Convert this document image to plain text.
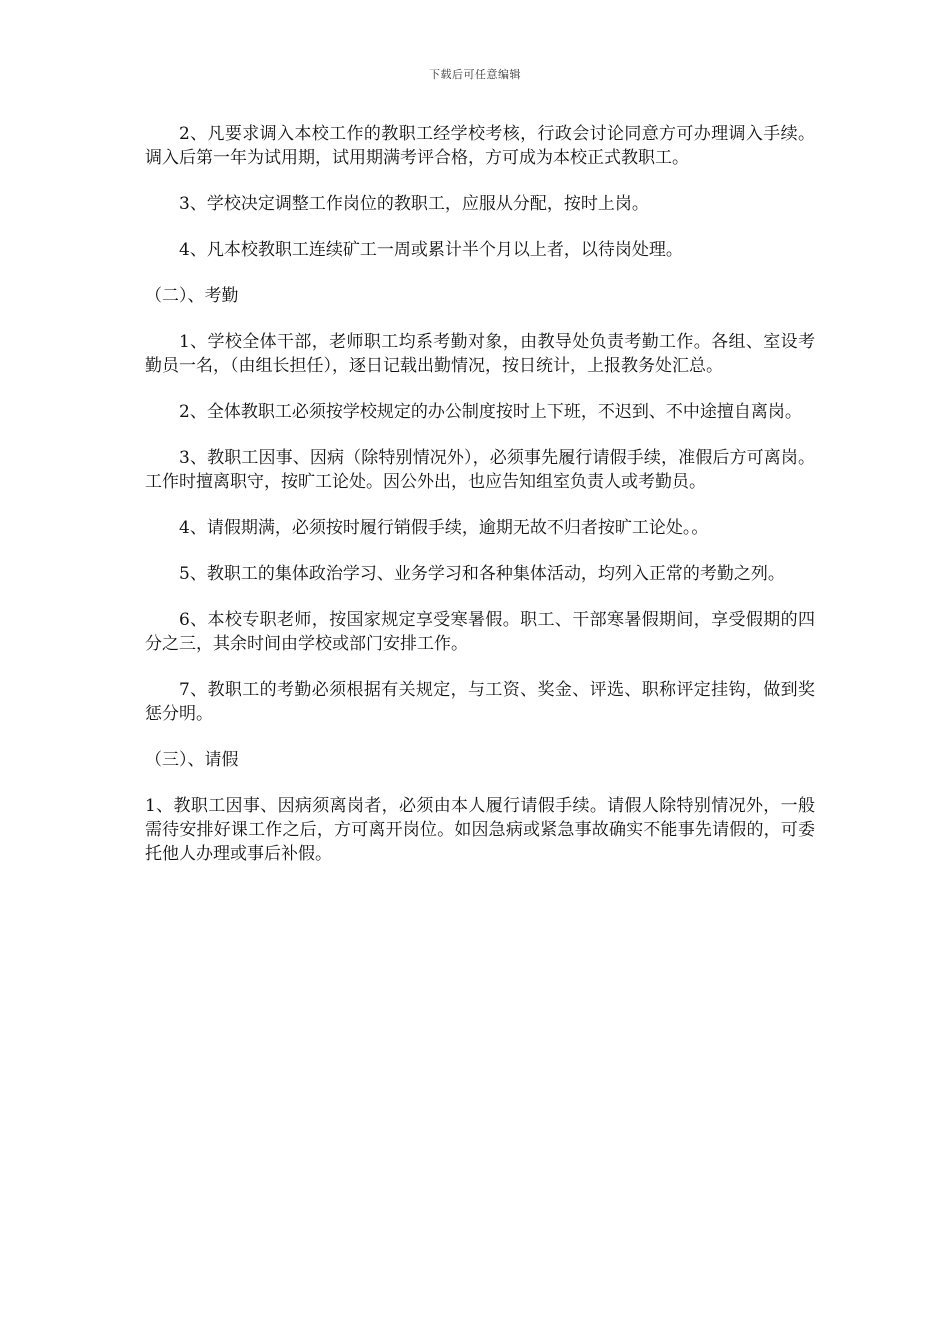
下载后可任意编辑

2、凡要求调入本校工作的教职工经学校考核，行政会讨论同意方可办理调入手续。调入后第一年为试用期，试用期满考评合格，方可成为本校正式教职工。

3、学校决定调整工作岗位的教职工，应服从分配，按时上岗。

4、凡本校教职工连续矿工一周或累计半个月以上者，以待岗处理。

（二）、考勤

1、学校全体干部，老师职工均系考勤对象，由教导处负责考勤工作。各组、室设考勤员一名，（由组长担任），逐日记载出勤情况，按日统计，上报教务处汇总。

2、全体教职工必须按学校规定的办公制度按时上下班，不迟到、不中途擅自离岗。

3、教职工因事、因病（除特别情况外），必须事先履行请假手续，准假后方可离岗。工作时擅离职守，按旷工论处。因公外出，也应告知组室负责人或考勤员。

4、请假期满，必须按时履行销假手续，逾期无故不归者按旷工论处。。

5、教职工的集体政治学习、业务学习和各种集体活动，均列入正常的考勤之列。

6、本校专职老师，按国家规定享受寒暑假。职工、干部寒暑假期间，享受假期的四分之三，其余时间由学校或部门安排工作。

7、教职工的考勤必须根据有关规定，与工资、奖金、评选、职称评定挂钩，做到奖惩分明。

（三）、请假

1、教职工因事、因病须离岗者，必须由本人履行请假手续。请假人除特别情况外，一般需待安排好课工作之后，方可离开岗位。如因急病或紧急事故确实不能事先请假的，可委托他人办理或事后补假。
